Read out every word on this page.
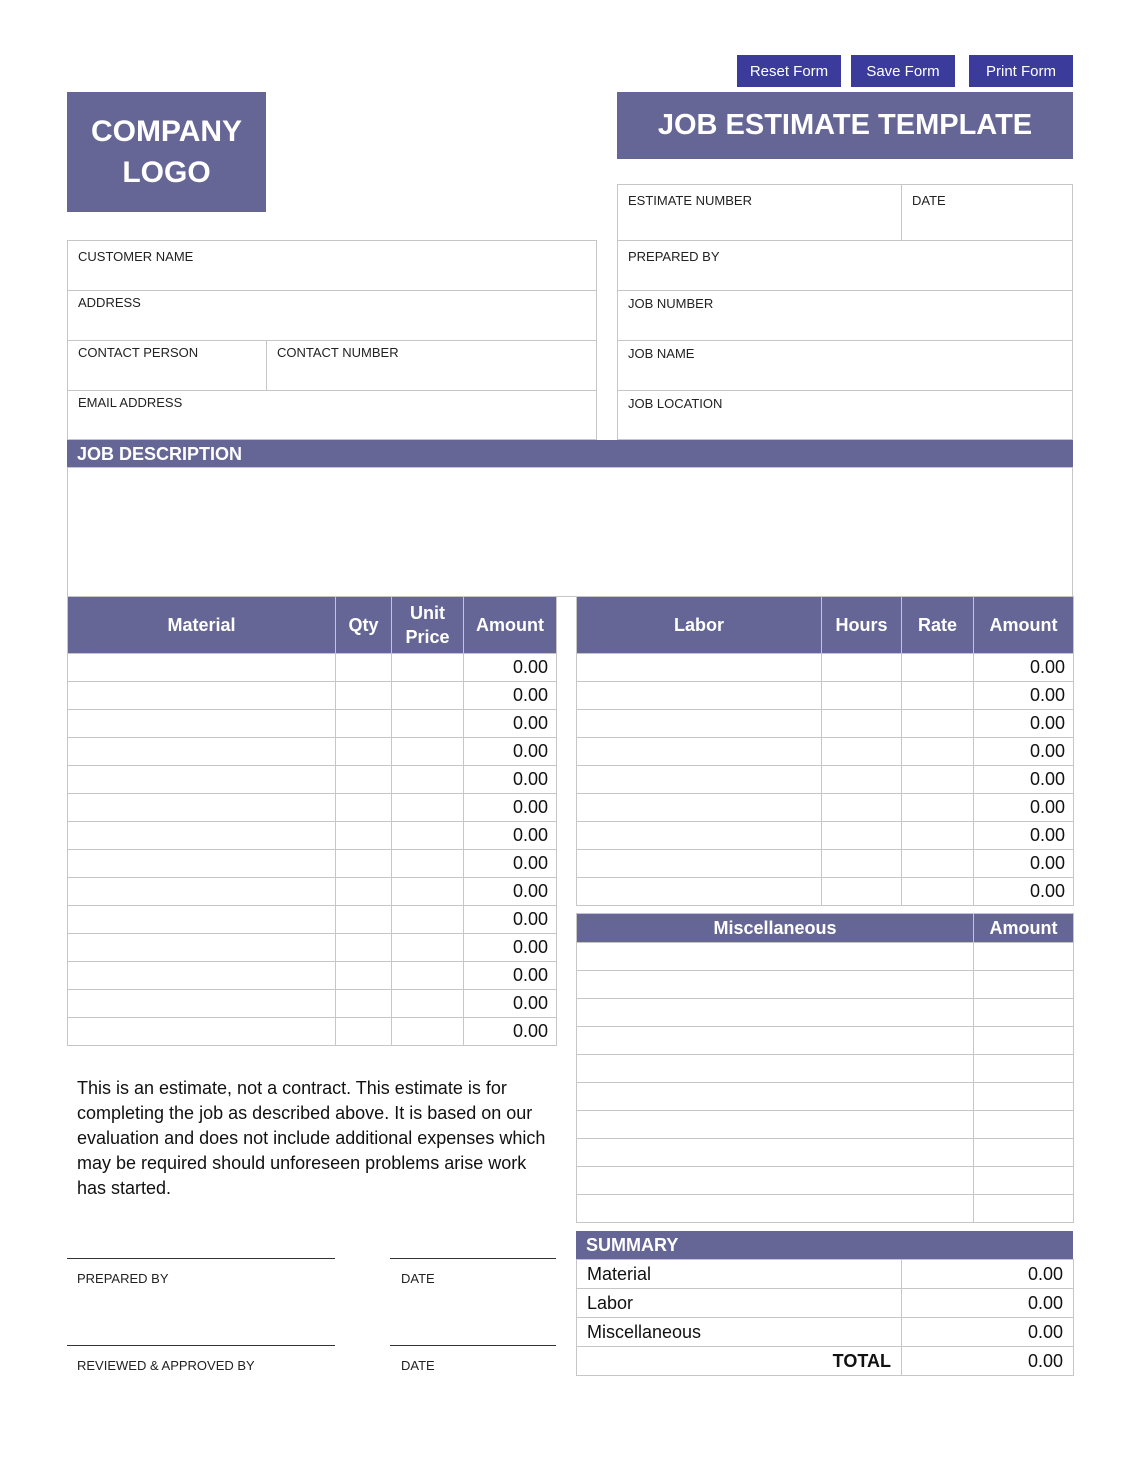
Reset Form	Save Form	Print Form
COMPANY
LOGO
JOB ESTIMATE TEMPLATE
ESTIMATE NUMBER	DATE
PREPARED BY
JOB NUMBER
JOB NAME
JOB LOCATION
CUSTOMER NAME
ADDRESS
CONTACT PERSON	CONTACT NUMBER
EMAIL ADDRESS
JOB DESCRIPTION
Material	Qty	Unit Price	Amount
			0.00
			0.00
			0.00
			0.00
			0.00
			0.00
			0.00
			0.00
			0.00
			0.00
			0.00
			0.00
			0.00
			0.00
Labor	Hours	Rate	Amount
			0.00
			0.00
			0.00
			0.00
			0.00
			0.00
			0.00
			0.00
			0.00
Miscellaneous	Amount

This is an estimate, not a contract. This estimate is for completing the job as described above. It is based on our evaluation and does not include additional expenses which may be required should unforeseen problems arise work has started.
PREPARED BY	DATE
REVIEWED & APPROVED BY	DATE
SUMMARY
Material	0.00
Labor	0.00
Miscellaneous	0.00
TOTAL	0.00
